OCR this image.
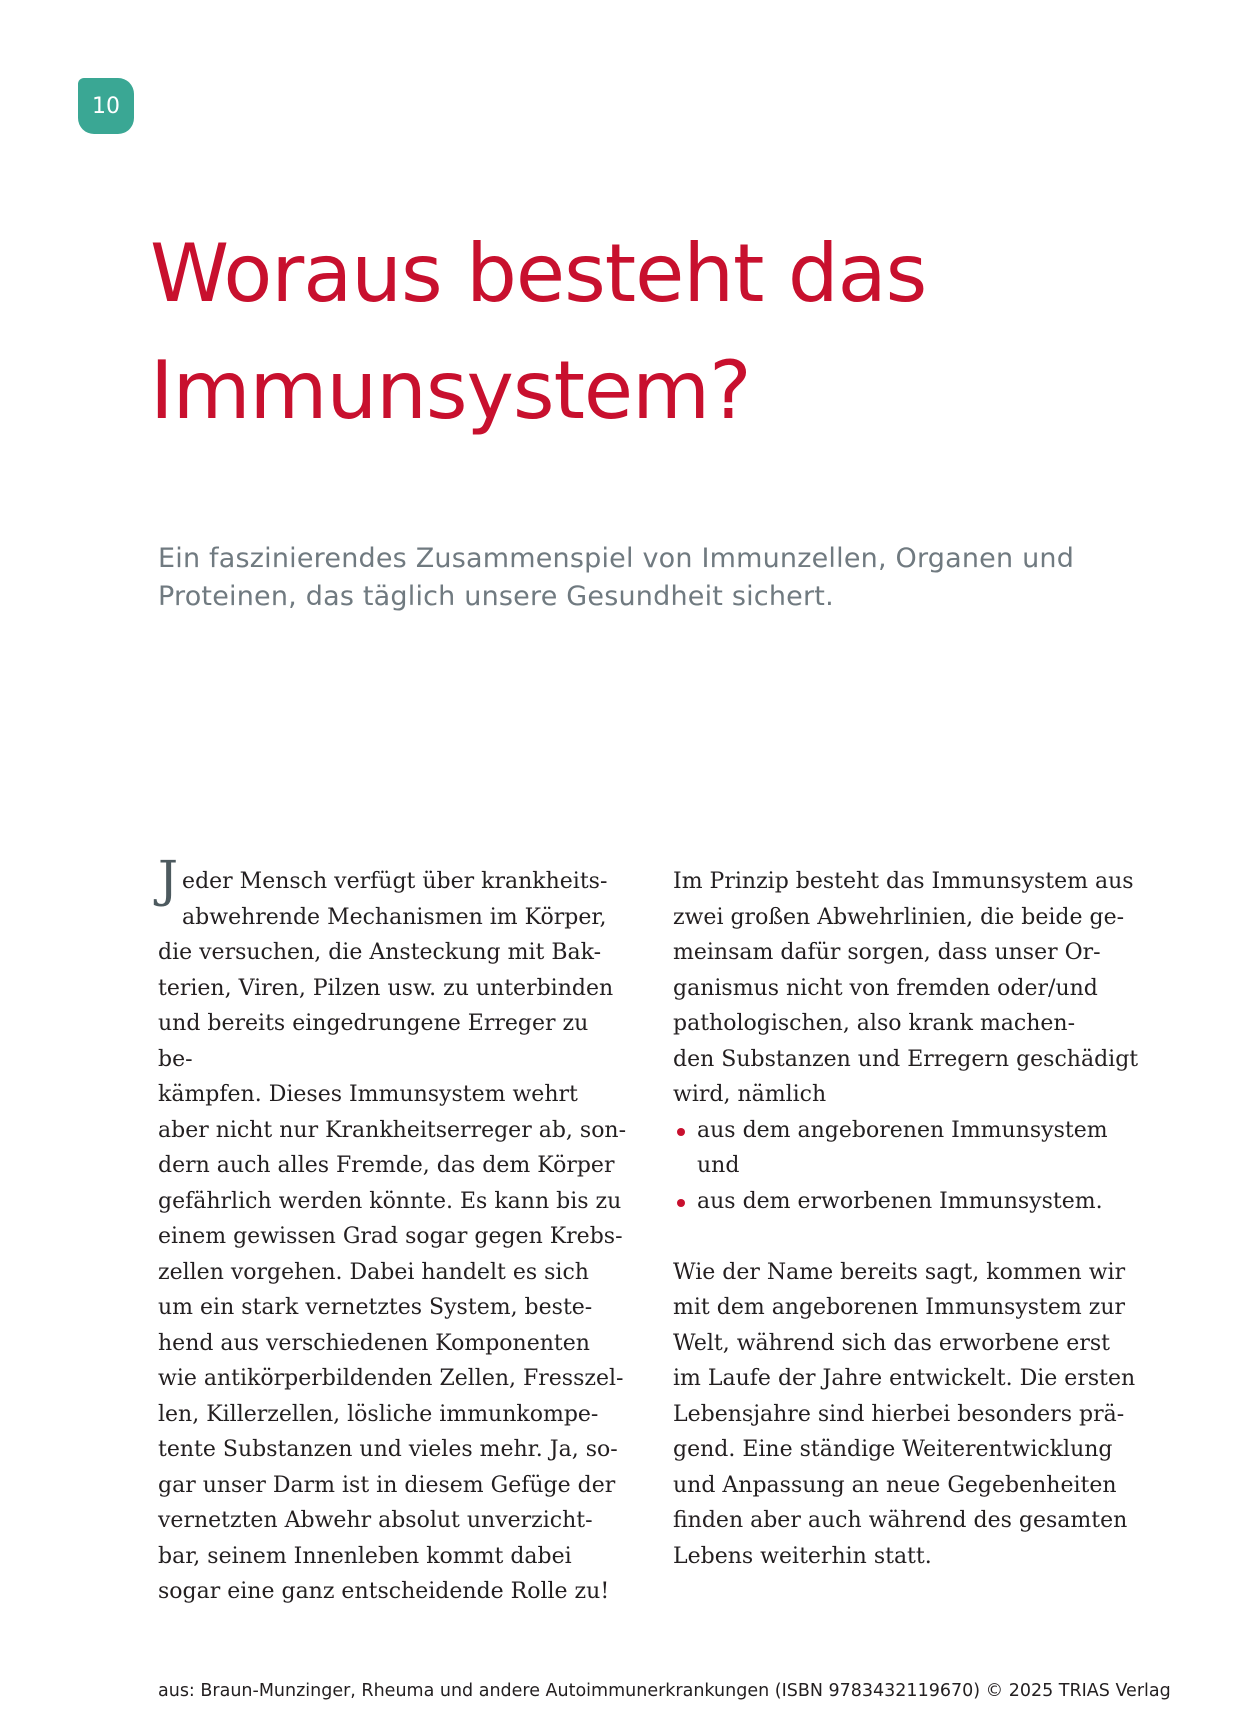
10
Woraus besteht das
Immunsystem?

Ein faszinierendes Zusammenspiel von Immunzellen, Organen und
Proteinen, das täglich unsere Gesundheit sichert.

Jeder Mensch verfügt über krankheits-
abwehrende Mechanismen im Körper,
die versuchen, die Ansteckung mit Bak-
terien, Viren, Pilzen usw. zu unterbinden
und bereits eingedrungene Erreger zu be-
kämpfen. Dieses Immunsystem wehrt
aber nicht nur Krankheitserreger ab, son-
dern auch alles Fremde, das dem Körper
gefährlich werden könnte. Es kann bis zu
einem gewissen Grad sogar gegen Krebs-
zellen vorgehen. Dabei handelt es sich
um ein stark vernetztes System, beste-
hend aus verschiedenen Komponenten
wie antikörperbildenden Zellen, Fresszel-
len, Killerzellen, lösliche immunkompe-
tente Substanzen und vieles mehr. Ja, so-
gar unser Darm ist in diesem Gefüge der
vernetzten Abwehr absolut unverzicht-
bar, seinem Innenleben kommt dabei
sogar eine ganz entscheidende Rolle zu!

Im Prinzip besteht das Immunsystem aus
zwei großen Abwehrlinien, die beide ge-
meinsam dafür sorgen, dass unser Or-
ganismus nicht von fremden oder/und
pathologischen, also krank machen-
den Substanzen und Erregern geschädigt
wird, nämlich

aus dem angeborenen Immunsystem
und
aus dem erworbenen Immunsystem.

Wie der Name bereits sagt, kommen wir
mit dem angeborenen Immunsystem zur
Welt, während sich das erworbene erst
im Laufe der Jahre entwickelt. Die ersten
Lebensjahre sind hierbei besonders prä-
gend. Eine ständige Weiterentwicklung
und Anpassung an neue Gegebenheiten
finden aber auch während des gesamten
Lebens weiterhin statt.

aus: Braun-Munzinger, Rheuma und andere Autoimmunerkrankungen (ISBN 9783432119670) © 2025 TRIAS Verlag
